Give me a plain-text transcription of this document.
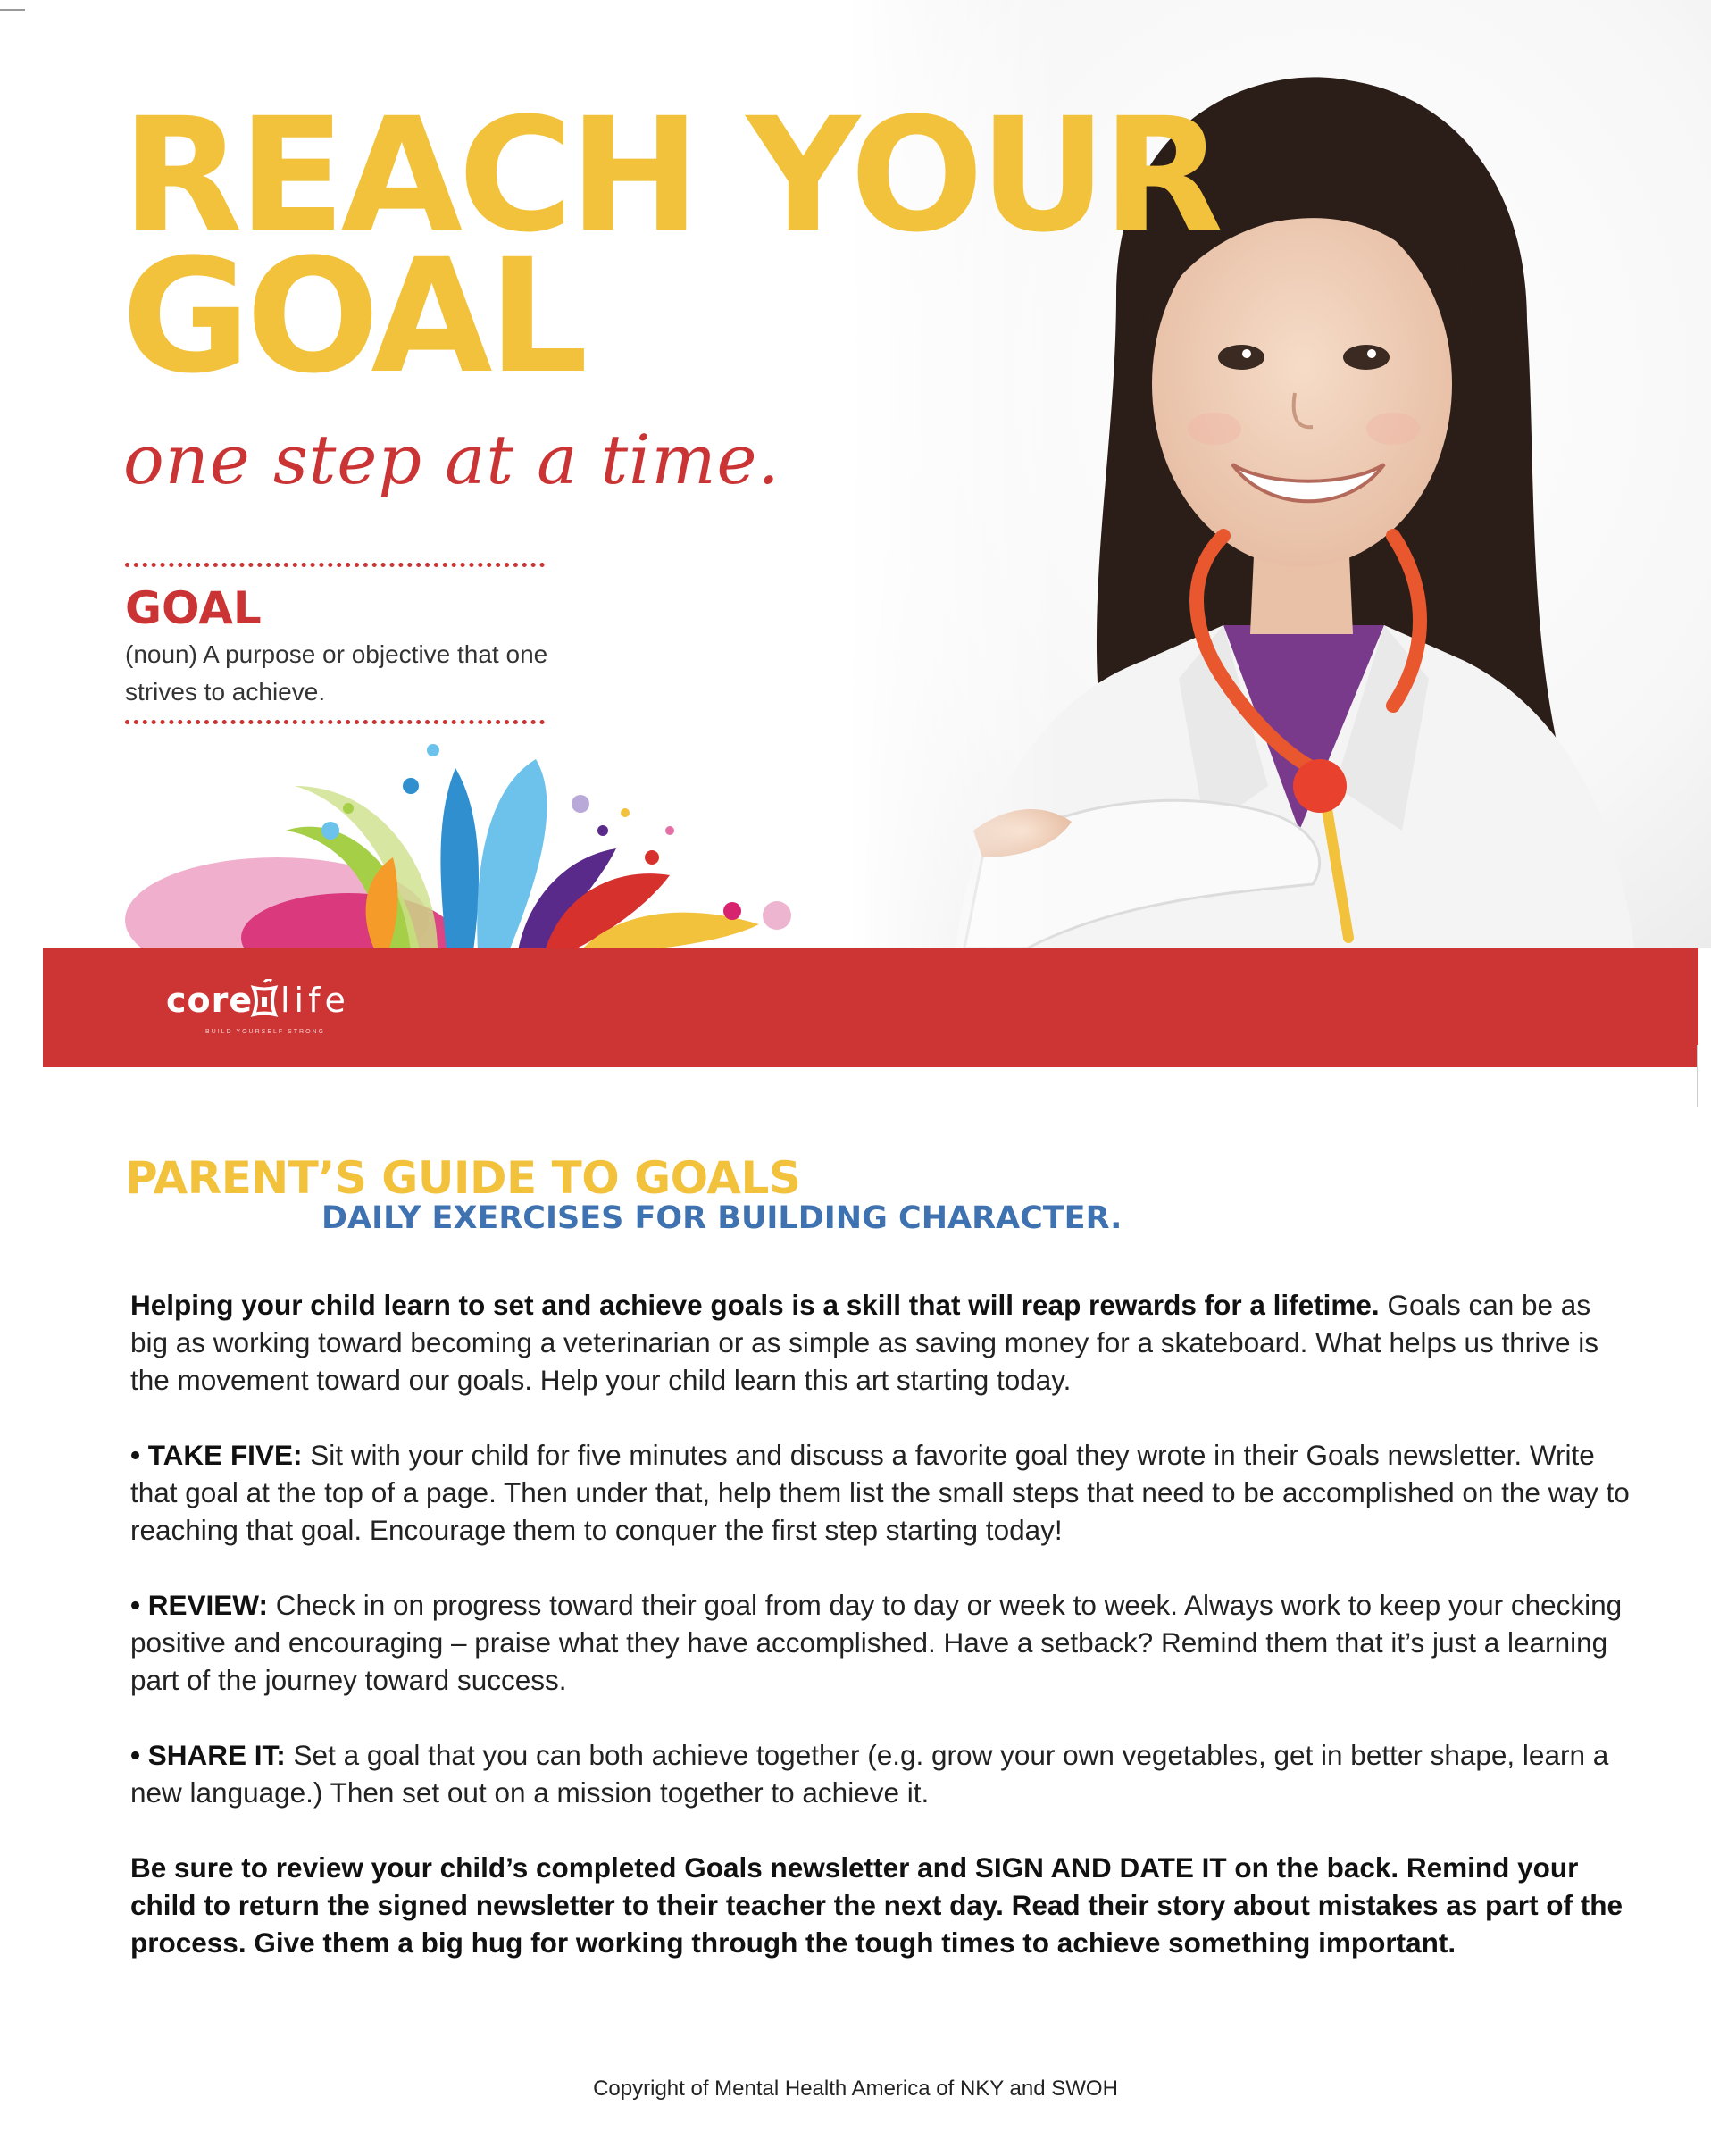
REACH YOUR
GOAL

one step at a time.

GOAL

(noun) A purpose or objective that one strives to achieve.

core life
BUILD YOURSELF STRONG
PARENT’S GUIDE TO GOALS
DAILY EXERCISES FOR BUILDING CHARACTER.

Helping your child learn to set and achieve goals is a skill that will reap rewards for a lifetime. Goals can be as big as working toward becoming a veterinarian or as simple as saving money for a skateboard. What helps us thrive is the movement toward our goals. Help your child learn this art starting today.

• TAKE FIVE: Sit with your child for five minutes and discuss a favorite goal they wrote in their Goals newsletter. Write that goal at the top of a page. Then under that, help them list the small steps that need to be accomplished on the way to reaching that goal. Encourage them to conquer the first step starting today!

• REVIEW: Check in on progress toward their goal from day to day or week to week. Always work to keep your checking positive and encouraging – praise what they have accomplished. Have a setback? Remind them that it’s just a learning part of the journey toward success.

• SHARE IT: Set a goal that you can both achieve together (e.g. grow your own vegetables, get in better shape, learn a new language.) Then set out on a mission together to achieve it.

Be sure to review your child’s completed Goals newsletter and SIGN AND DATE IT on the back. Remind your child to return the signed newsletter to their teacher the next day. Read their story about mistakes as part of the process. Give them a big hug for working through the tough times to achieve something important.

Copyright of Mental Health America of NKY and SWOH
